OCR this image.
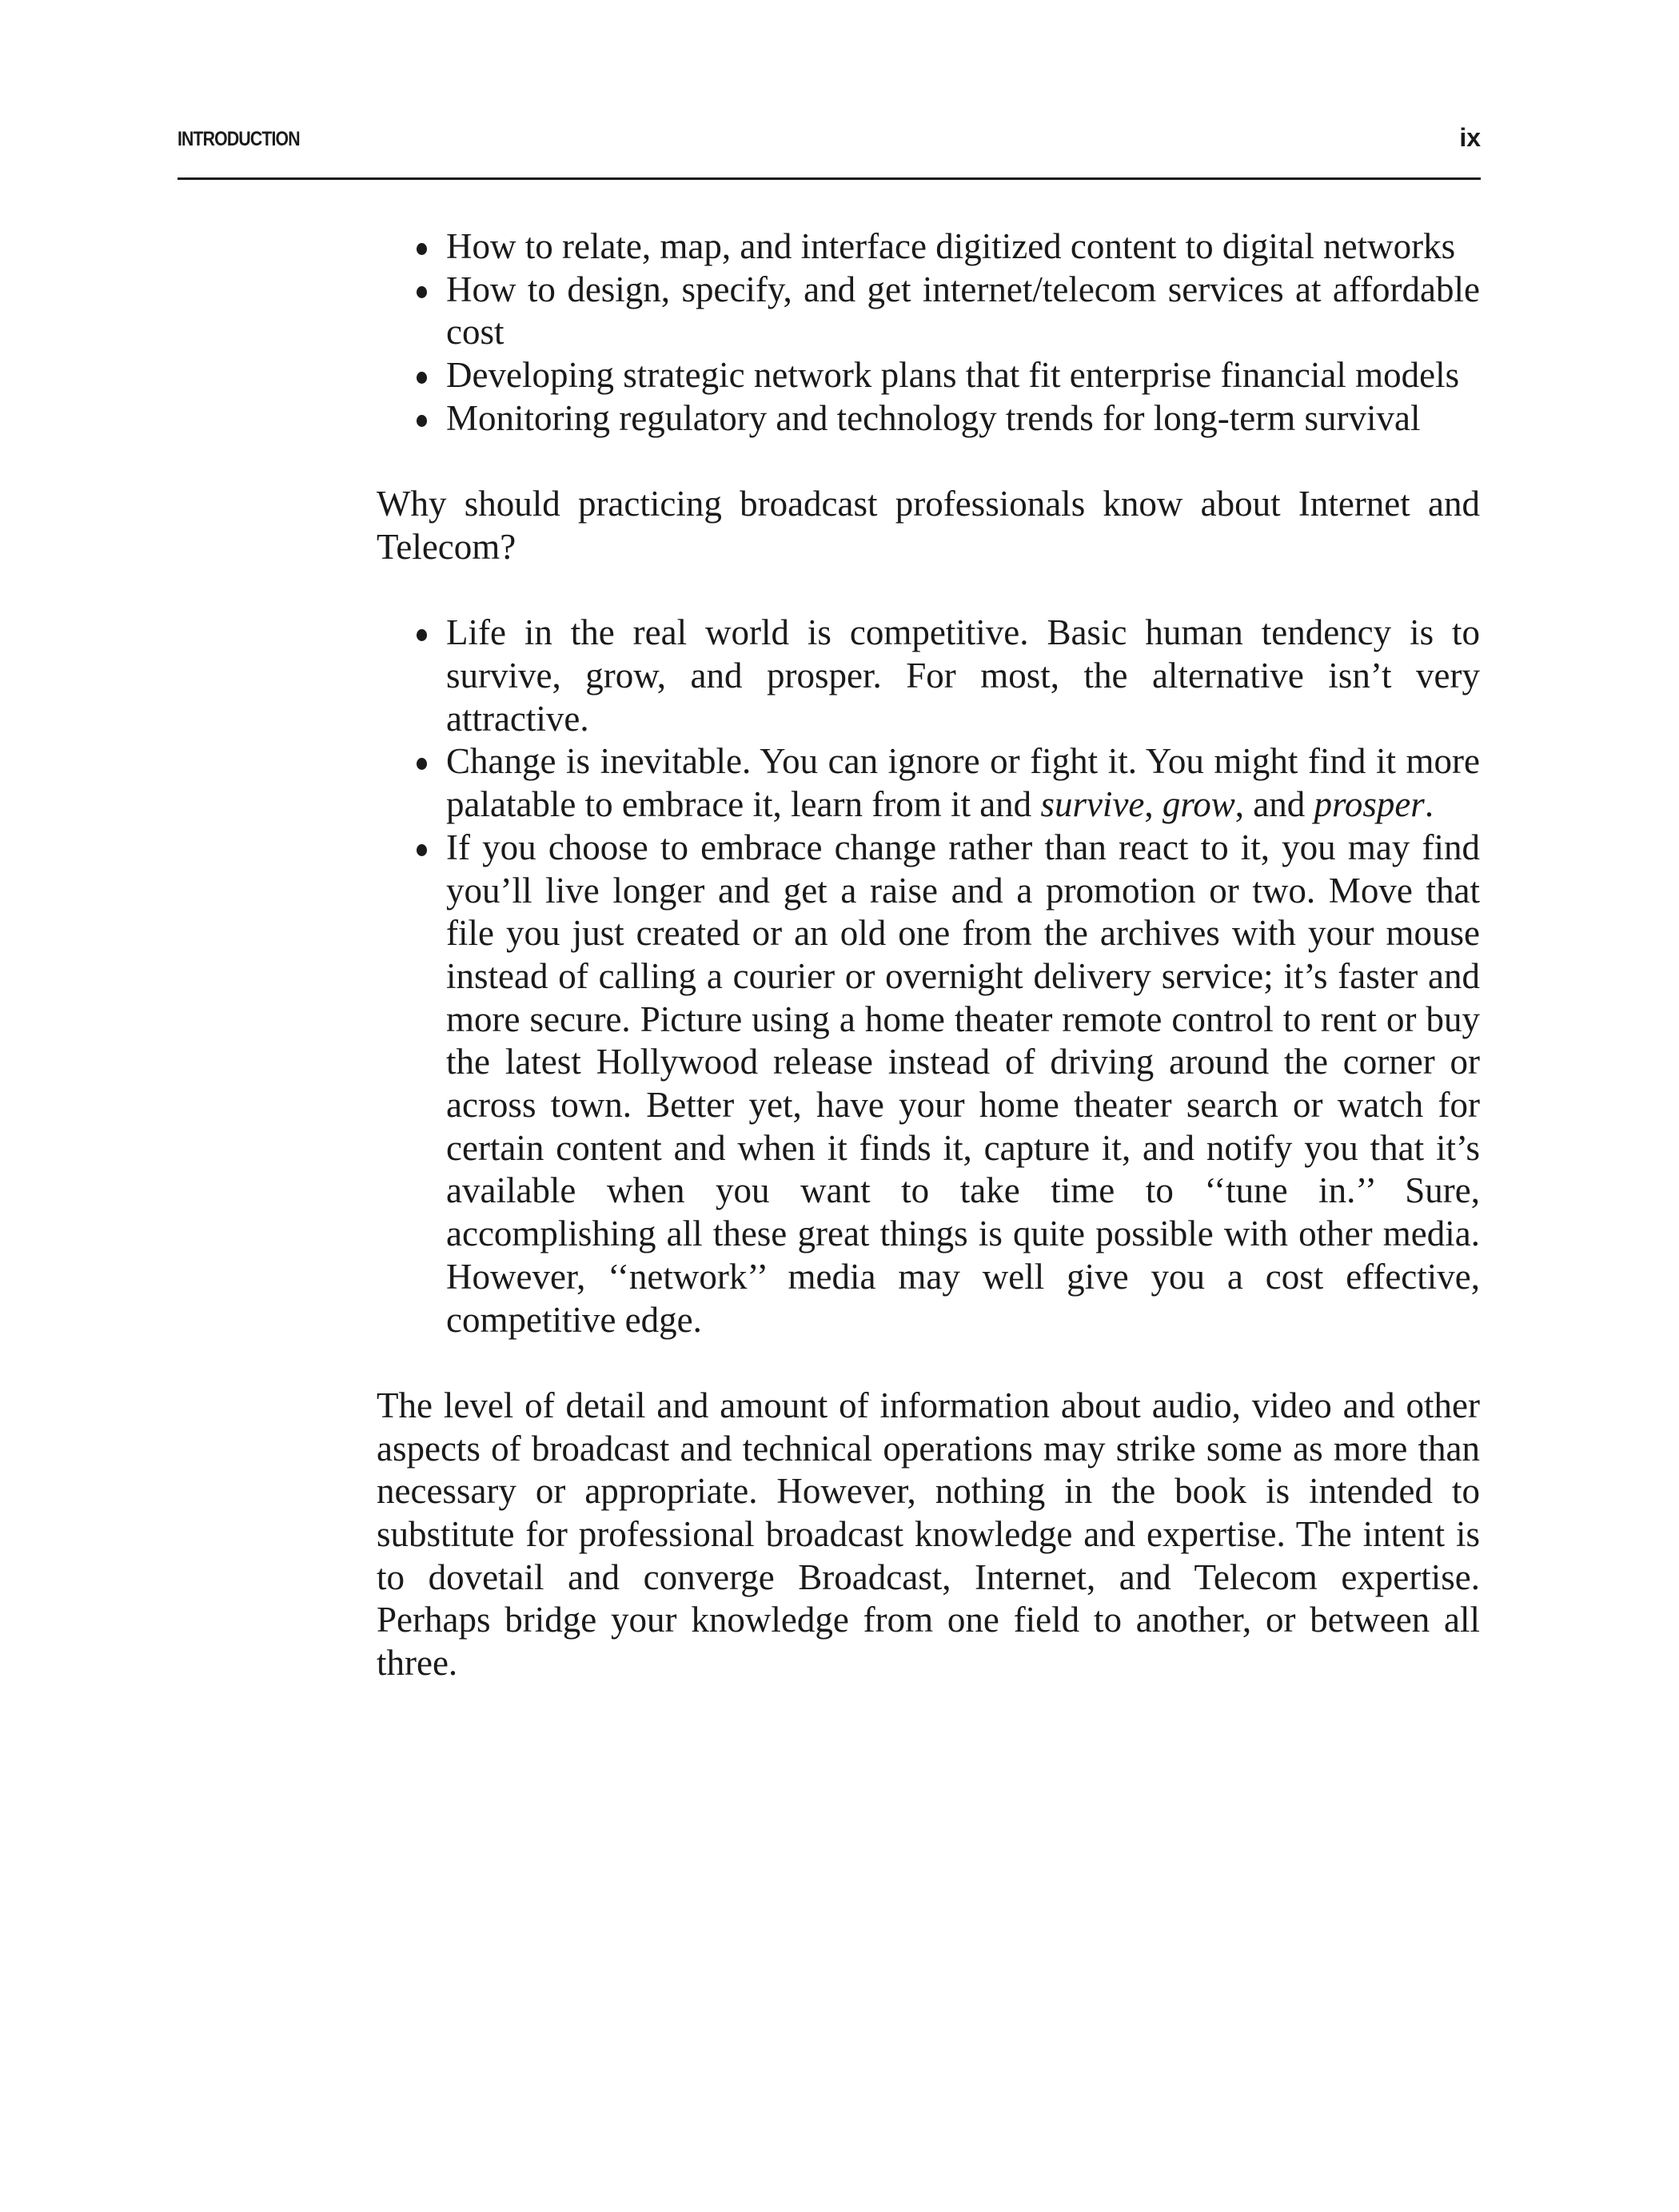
INTRODUCTION	ix
How to relate, map, and interface digitized content to digital networks
How to design, specify, and get internet/telecom services at affordable cost
Developing strategic network plans that fit enterprise financial models
Monitoring regulatory and technology trends for long-term survival

Why should practicing broadcast professionals know about Internet and Telecom?

Life in the real world is competitive. Basic human tendency is to survive, grow, and prosper. For most, the alternative isn’t very attractive.
Change is inevitable. You can ignore or fight it. You might find it more palatable to embrace it, learn from it and survive, grow, and prosper.
If you choose to embrace change rather than react to it, you may find you’ll live longer and get a raise and a promotion or two. Move that file you just created or an old one from the archives with your mouse instead of calling a courier or overnight delivery service; it’s faster and more secure. Picture using a home theater remote control to rent or buy the latest Hollywood release instead of driving around the corner or across town. Better yet, have your home theater search or watch for certain content and when it finds it, capture it, and notify you that it’s available when you want to take time to ‘‘tune in.’’ Sure, accomplishing all these great things is quite possible with other media. However, ‘‘network’’ media may well give you a cost effective, competitive edge.

The level of detail and amount of information about audio, video and other aspects of broadcast and technical operations may strike some as more than necessary or appropriate. However, nothing in the book is intended to substitute for professional broadcast knowledge and expertise. The intent is to dovetail and converge Broadcast, Internet, and Telecom expertise. Perhaps bridge your knowledge from one field to another, or between all three.
